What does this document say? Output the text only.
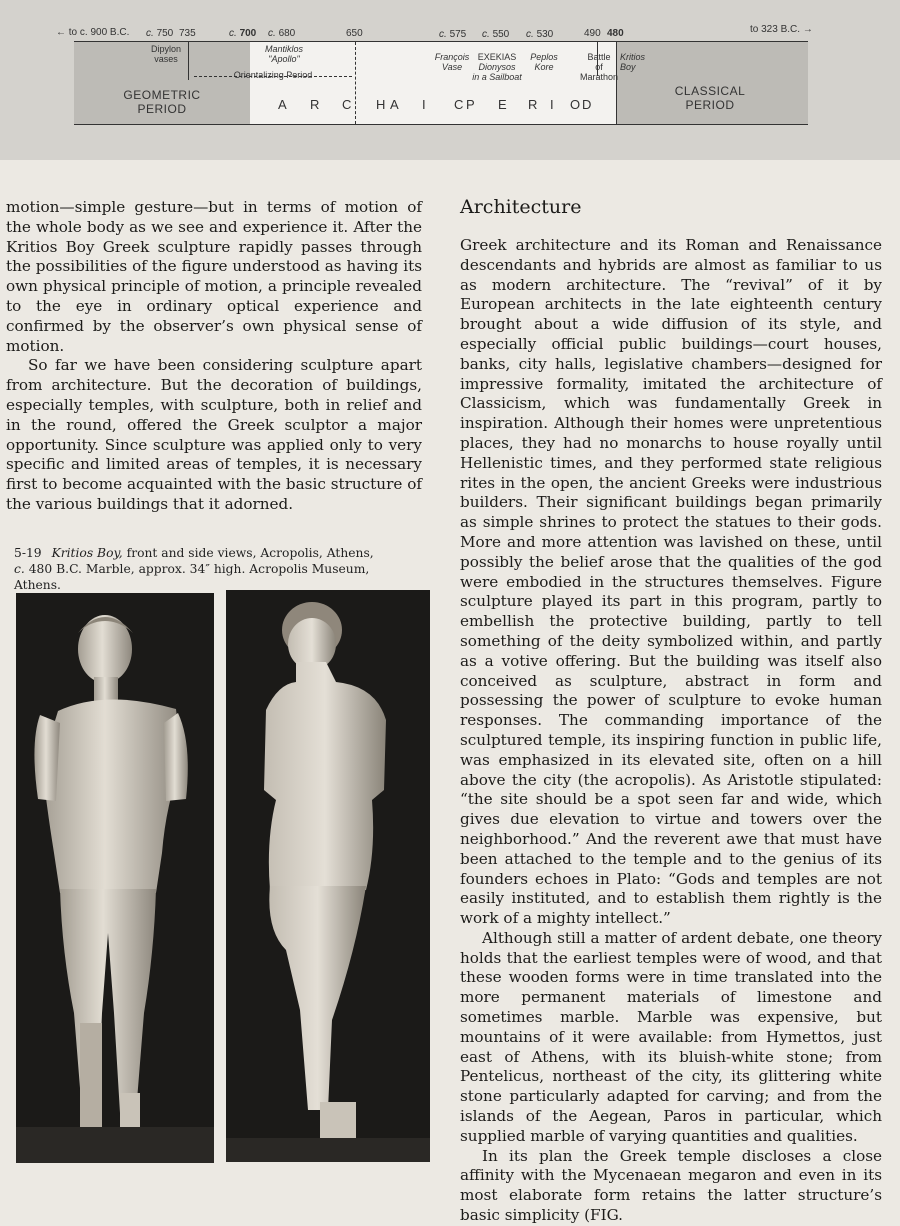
← to c. 900 B.C.	to 323 B.C. →
c. 750 735	c. 700 c. 680	650	c. 575 c. 550 c. 530	490 480
Dipylon
vases
Mantiklos
"Apollo"
Orientalizing Period
François
Vase
EXEKIAS
Dionysos
in a Sailboat
Peplos
Kore
Battle
of
Marathon
Kritios
Boy
GEOMETRIC
PERIOD	A R C H A I C P E R I O D
CLASSICAL
PERIOD

motion—simple gesture—but in terms of motion of the whole body as we see and experience it. After the Kritios Boy Greek sculpture rapidly passes through the possibilities of the figure understood as having its own physical principle of motion, a principle revealed to the eye in ordinary optical experience and confirmed by the observer’s own physical sense of motion.

So far we have been considering sculpture apart from architecture. But the decoration of buildings, especially temples, with sculpture, both in relief and in the round, offered the Greek sculptor a major opportunity. Since sculpture was applied only to very specific and limited areas of temples, it is necessary first to become acquainted with the basic structure of the various buildings that it adorned.

5-19 Kritios Boy, front and side views, Acropolis, Athens,
c. 480 B.C. Marble, approx. 34″ high. Acropolis Museum, Athens.
Architecture

Greek architecture and its Roman and Renaissance descendants and hybrids are almost as familiar to us as modern architecture. The “revival” of it by European architects in the late eighteenth century brought about a wide diffusion of its style, and especially official public buildings—court houses, banks, city halls, legislative chambers—designed for impressive formality, imitated the architecture of Classicism, which was fundamentally Greek in inspiration. Although their homes were unpretentious places, they had no monarchs to house royally until Hellenistic times, and they performed state religious rites in the open, the ancient Greeks were industrious builders. Their significant buildings began primarily as simple shrines to protect the statues to their gods. More and more attention was lavished on these, until possibly the belief arose that the qualities of the god were embodied in the structures themselves. Figure sculpture played its part in this program, partly to embellish the protective building, partly to tell something of the deity symbolized within, and partly as a votive offering. But the building was itself also conceived as sculpture, abstract in form and possessing the power of sculpture to evoke human responses. The commanding importance of the sculptured temple, its inspiring function in public life, was emphasized in its elevated site, often on a hill above the city (the acropolis). As Aristotle stipulated: “the site should be a spot seen far and wide, which gives due elevation to virtue and towers over the neighborhood.” And the reverent awe that must have been attached to the temple and to the genius of its founders echoes in Plato: “Gods and temples are not easily instituted, and to establish them rightly is the work of a mighty intellect.”

Although still a matter of ardent debate, one theory holds that the earliest temples were of wood, and that these wooden forms were in time translated into the more permanent materials of limestone and sometimes marble. Marble was expensive, but mountains of it were available: from Hymettos, just east of Athens, with its bluish-white stone; from Pentelicus, northeast of the city, its glittering white stone particularly adapted for carving; and from the islands of the Aegean, Paros in particular, which supplied marble of varying quantities and qualities.

In its plan the Greek temple discloses a close affinity with the Mycenaean megaron and even in its most elaborate form retains the latter structure’s basic simplicity (FIG.
